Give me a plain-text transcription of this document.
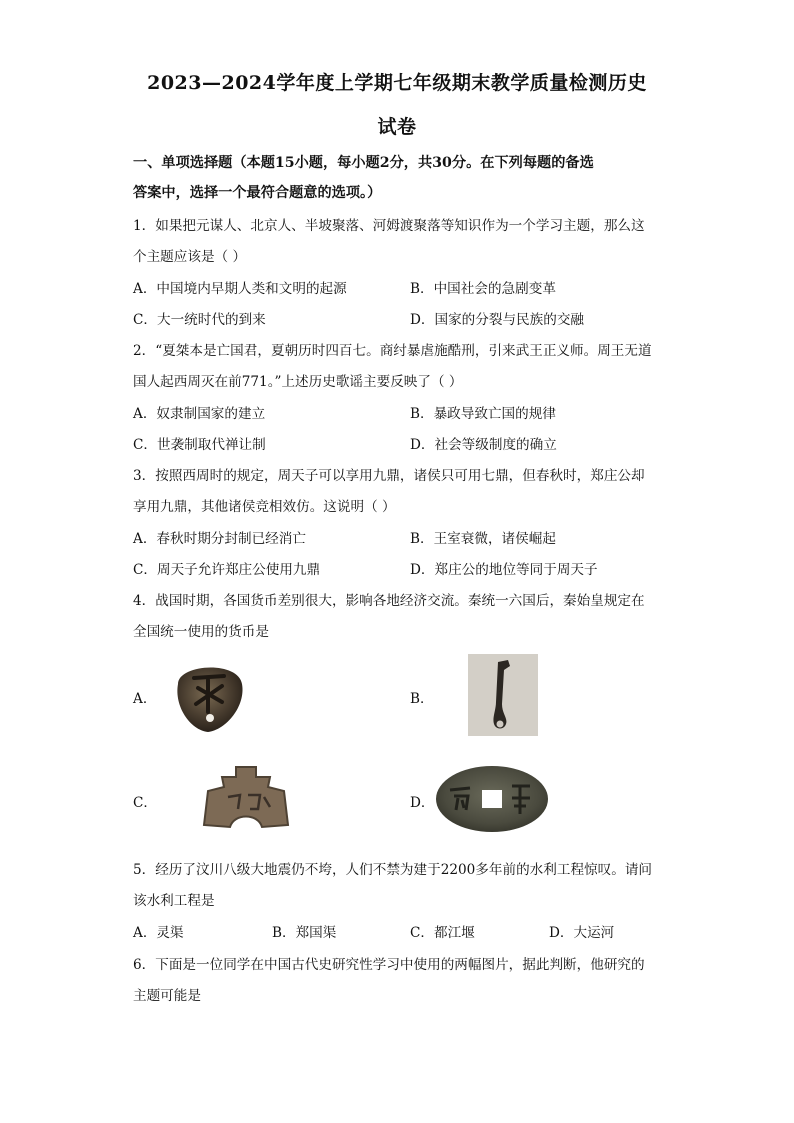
2023—2024学年度上学期七年级期末教学质量检测历史
试卷
一、单项选择题（本题15小题，每小题2分，共30分。在下列每题的备选
答案中，选择一个最符合题意的选项。）
1．如果把元谋人、北京人、半坡聚落、河姆渡聚落等知识作为一个学习主题，那么这
个主题应该是（ ）
A．中国境内早期人类和文明的起源	B．中国社会的急剧变革
C．大一统时代的到来	D．国家的分裂与民族的交融
2．“夏桀本是亡国君，夏朝历时四百七。商纣暴虐施酷刑，引来武王正义师。周王无道
国人起西周灭在前771。”上述历史歌谣主要反映了（ ）
A．奴隶制国家的建立	B．暴政导致亡国的规律
C．世袭制取代禅让制	D．社会等级制度的确立
3．按照西周时的规定，周天子可以享用九鼎，诸侯只可用七鼎，但春秋时，郑庄公却
享用九鼎，其他诸侯竞相效仿。这说明（ ）
A．春秋时期分封制已经消亡	B．王室衰微，诸侯崛起
C．周天子允许郑庄公使用九鼎	D．郑庄公的地位等同于周天子
4．战国时期，各国货币差别很大，影响各地经济交流。秦统一六国后，秦始皇规定在
全国统一使用的货币是
A．	B．
C．	D．
5．经历了汶川八级大地震仍不垮，人们不禁为建于2200多年前的水利工程惊叹。请问
该水利工程是
A．灵渠	B．郑国渠	C．都江堰	D．大运河
6．下面是一位同学在中国古代史研究性学习中使用的两幅图片，据此判断，他研究的
主题可能是
